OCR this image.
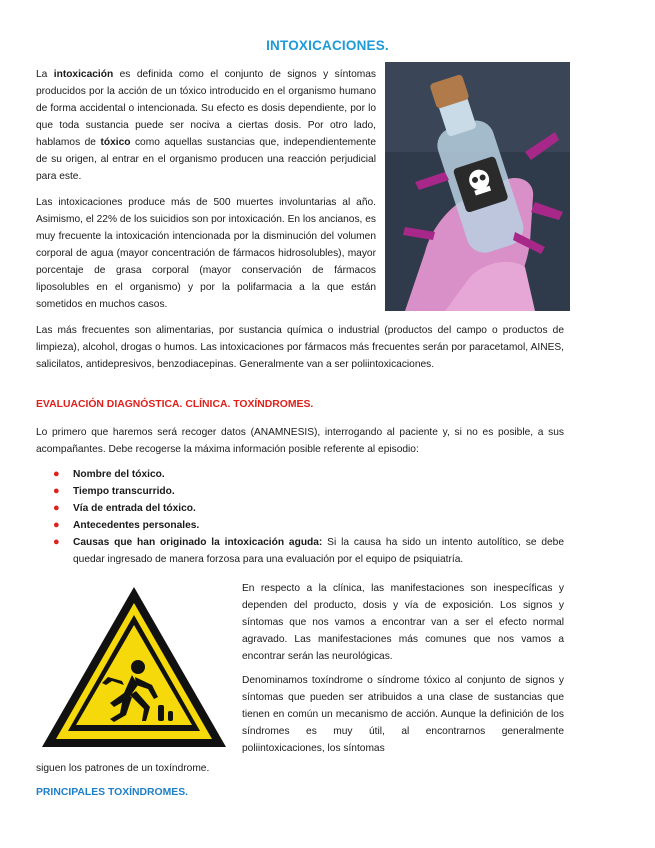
INTOXICACIONES.

La intoxicación es definida como el conjunto de signos y síntomas producidos por la acción de un tóxico introducido en el organismo humano de forma accidental o intencionada. Su efecto es dosis dependiente, por lo que toda sustancia puede ser nociva a ciertas dosis. Por otro lado, hablamos de tóxico como aquellas sustancias que, independientemente de su origen, al entrar en el organismo producen una reacción perjudicial para este.

Las intoxicaciones produce más de 500 muertes involuntarias al año. Asimismo, el 22% de los suicidios son por intoxicación. En los ancianos, es muy frecuente la intoxicación intencionada por la disminución del volumen corporal de agua (mayor concentración de fármacos hidrosolubles), mayor porcentaje de grasa corporal (mayor conservación de fármacos liposolubles en el organismo) y por la polifarmacia a la que están sometidos en muchos casos.

Las más frecuentes son alimentarias, por sustancia química o industrial (productos del campo o productos de limpieza), alcohol, drogas o humos. Las intoxicaciones por fármacos más frecuentes serán por paracetamol, AINES, salicilatos, antidepresivos, benzodiacepinas. Generalmente van a ser poliintoxicaciones.

EVALUACIÓN DIAGNÓSTICA. CLÍNICA. TOXÍNDROMES.

Lo primero que haremos será recoger datos (ANAMNESIS), interrogando al paciente y, si no es posible, a sus acompañantes. Debe recogerse la máxima información posible referente al episodio:

● Nombre del tóxico.
● Tiempo transcurrido.
● Vía de entrada del tóxico.
● Antecedentes personales.
● Causas que han originado la intoxicación aguda: Si la causa ha sido un intento autolítico, se debe quedar ingresado de manera forzosa para una evaluación por el equipo de psiquiatría.

En respecto a la clínica, las manifestaciones son inespecíficas y dependen del producto, dosis y vía de exposición. Los signos y síntomas que nos vamos a encontrar van a ser el efecto normal agravado. Las manifestaciones más comunes que nos vamos a encontrar serán las neurológicas.

Denominamos toxíndrome o síndrome tóxico al conjunto de signos y síntomas que pueden ser atribuidos a una clase de sustancias que tienen en común un mecanismo de acción. Aunque la definición de los síndromes es muy útil, al encontrarnos generalmente poliintoxicaciones, los síntomas

siguen los patrones de un toxíndrome.

PRINCIPALES TOXÍNDROMES.
